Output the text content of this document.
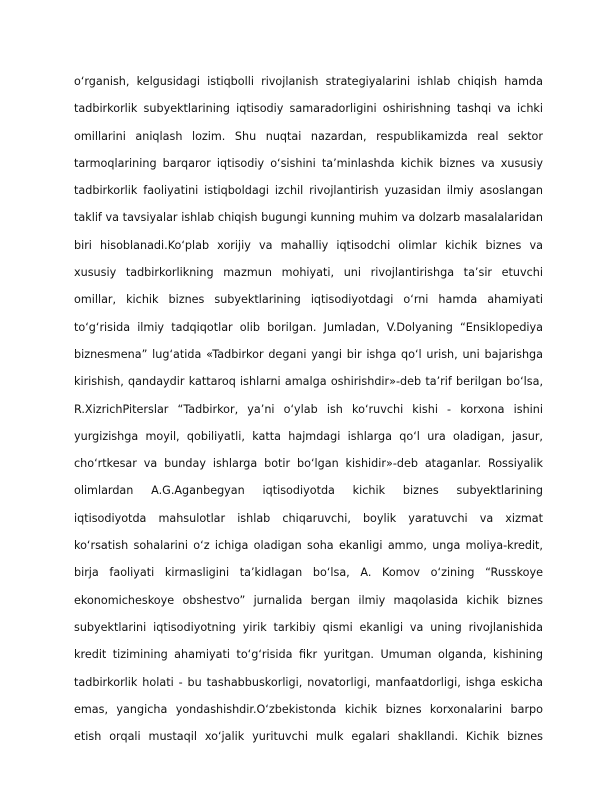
o‘rganish, kelgusidagi istiqbolli rivojlanish strategiyalarini ishlab chiqish hamda
tadbirkorlik subyektlarining iqtisodiy samaradorligini oshirishning tashqi va ichki
omillarini aniqlash lozim. Shu nuqtai nazardan, respublikamizda real sektor
tarmoqlarining barqaror iqtisodiy o‘sishini ta’minlashda kichik biznes va xususiy
tadbirkorlik faoliyatini istiqboldagi izchil rivojlantirish yuzasidan ilmiy asoslangan
taklif va tavsiyalar ishlab chiqish bugungi kunning muhim va dolzarb masalalaridan
biri hisoblanadi.Ko‘plab xorijiy va mahalliy iqtisodchi olimlar kichik biznes va
xususiy tadbirkorlikning mazmun mohiyati, uni rivojlantirishga ta’sir etuvchi
omillar, kichik biznes subyektlarining iqtisodiyotdagi o‘rni hamda ahamiyati
to‘g‘risida ilmiy tadqiqotlar olib borilgan. Jumladan, V.Dolyaning “Ensiklopediya
biznesmena” lug‘atida «Tadbirkor degani yangi bir ishga qo‘l urish, uni bajarishga
kirishish, qandaydir kattaroq ishlarni amalga oshirishdir»-deb ta’rif berilgan bo‘lsa,
R.XizrichPiterslar “Tadbirkor, ya’ni o‘ylab ish ko‘ruvchi kishi - korxona ishini
yurgizishga moyil, qobiliyatli, katta hajmdagi ishlarga qo‘l ura oladigan, jasur,
cho‘rtkesar va bunday ishlarga botir bo‘lgan kishidir»-deb ataganlar. Rossiyalik
olimlardan A.G.Aganbegyan iqtisodiyotda kichik biznes subyektlarining
iqtisodiyotda mahsulotlar ishlab chiqaruvchi, boylik yaratuvchi va xizmat
ko‘rsatish sohalarini o‘z ichiga oladigan soha ekanligi ammo, unga moliya-kredit,
birja faoliyati kirmasligini ta’kidlagan bo‘lsa, A. Komov o‘zining “Russkoye
ekonomicheskoye obshestvo” jurnalida bergan ilmiy maqolasida kichik biznes
subyektlarini iqtisodiyotning yirik tarkibiy qismi ekanligi va uning rivojlanishida
kredit tizimining ahamiyati to‘g‘risida fikr yuritgan. Umuman olganda, kishining
tadbirkorlik holati - bu tashabbuskorligi, novatorligi, manfaatdorligi, ishga eskicha
emas, yangicha yondashishdir.O‘zbekistonda kichik biznes korxonalarini barpo
etish orqali mustaqil xo‘jalik yurituvchi mulk egalari shakllandi. Kichik biznes
